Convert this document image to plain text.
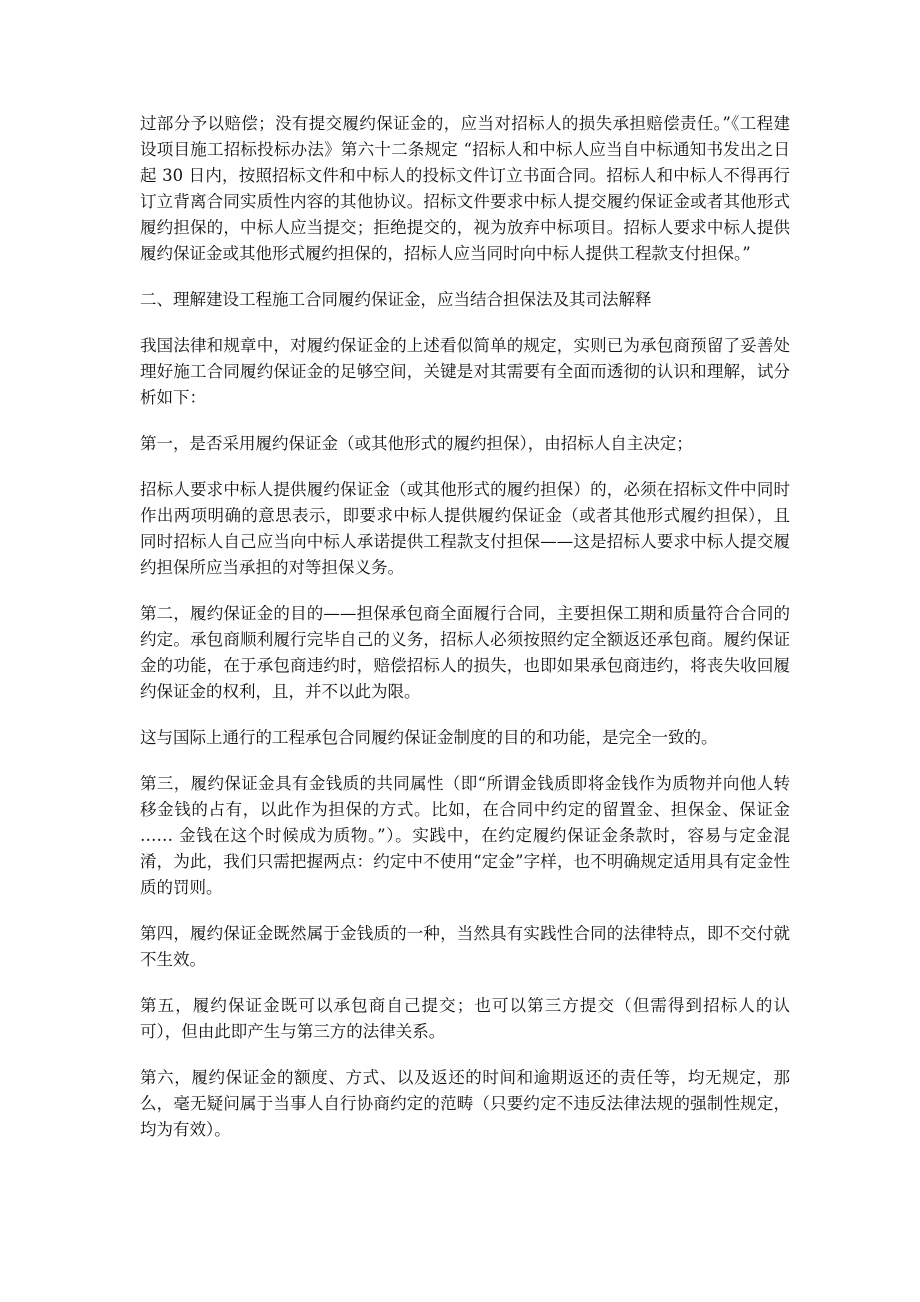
过部分予以赔偿；没有提交履约保证金的，应当对招标人的损失承担赔偿责任。”《工程建设项目施工招标投标办法》第六十二条规定 “招标人和中标人应当自中标通知书发出之日起 30 日内，按照招标文件和中标人的投标文件订立书面合同。招标人和中标人不得再行订立背离合同实质性内容的其他协议。招标文件要求中标人提交履约保证金或者其他形式履约担保的，中标人应当提交；拒绝提交的，视为放弃中标项目。招标人要求中标人提供履约保证金或其他形式履约担保的，招标人应当同时向中标人提供工程款支付担保。”

二、理解建设工程施工合同履约保证金，应当结合担保法及其司法解释

我国法律和规章中，对履约保证金的上述看似简单的规定，实则已为承包商预留了妥善处理好施工合同履约保证金的足够空间，关键是对其需要有全面而透彻的认识和理解，试分析如下：

第一，是否采用履约保证金（或其他形式的履约担保），由招标人自主决定；

招标人要求中标人提供履约保证金（或其他形式的履约担保）的，必须在招标文件中同时作出两项明确的意思表示，即要求中标人提供履约保证金（或者其他形式履约担保），且同时招标人自己应当向中标人承诺提供工程款支付担保——这是招标人要求中标人提交履约担保所应当承担的对等担保义务。

第二，履约保证金的目的——担保承包商全面履行合同，主要担保工期和质量符合合同的约定。承包商顺利履行完毕自己的义务，招标人必须按照约定全额返还承包商。履约保证金的功能，在于承包商违约时，赔偿招标人的损失，也即如果承包商违约，将丧失收回履约保证金的权利，且，并不以此为限。

这与国际上通行的工程承包合同履约保证金制度的目的和功能，是完全一致的。

第三，履约保证金具有金钱质的共同属性（即“所谓金钱质即将金钱作为质物并向他人转移金钱的占有，以此作为担保的方式。比如，在合同中约定的留置金、担保金、保证金 …… 金钱在这个时候成为质物。”）。实践中，在约定履约保证金条款时，容易与定金混淆，为此，我们只需把握两点：约定中不使用“定金”字样，也不明确规定适用具有定金性质的罚则。

第四，履约保证金既然属于金钱质的一种，当然具有实践性合同的法律特点，即不交付就不生效。

第五，履约保证金既可以承包商自己提交；也可以第三方提交（但需得到招标人的认可），但由此即产生与第三方的法律关系。

第六，履约保证金的额度、方式、以及返还的时间和逾期返还的责任等，均无规定，那么，毫无疑问属于当事人自行协商约定的范畴（只要约定不违反法律法规的强制性规定，均为有效）。
